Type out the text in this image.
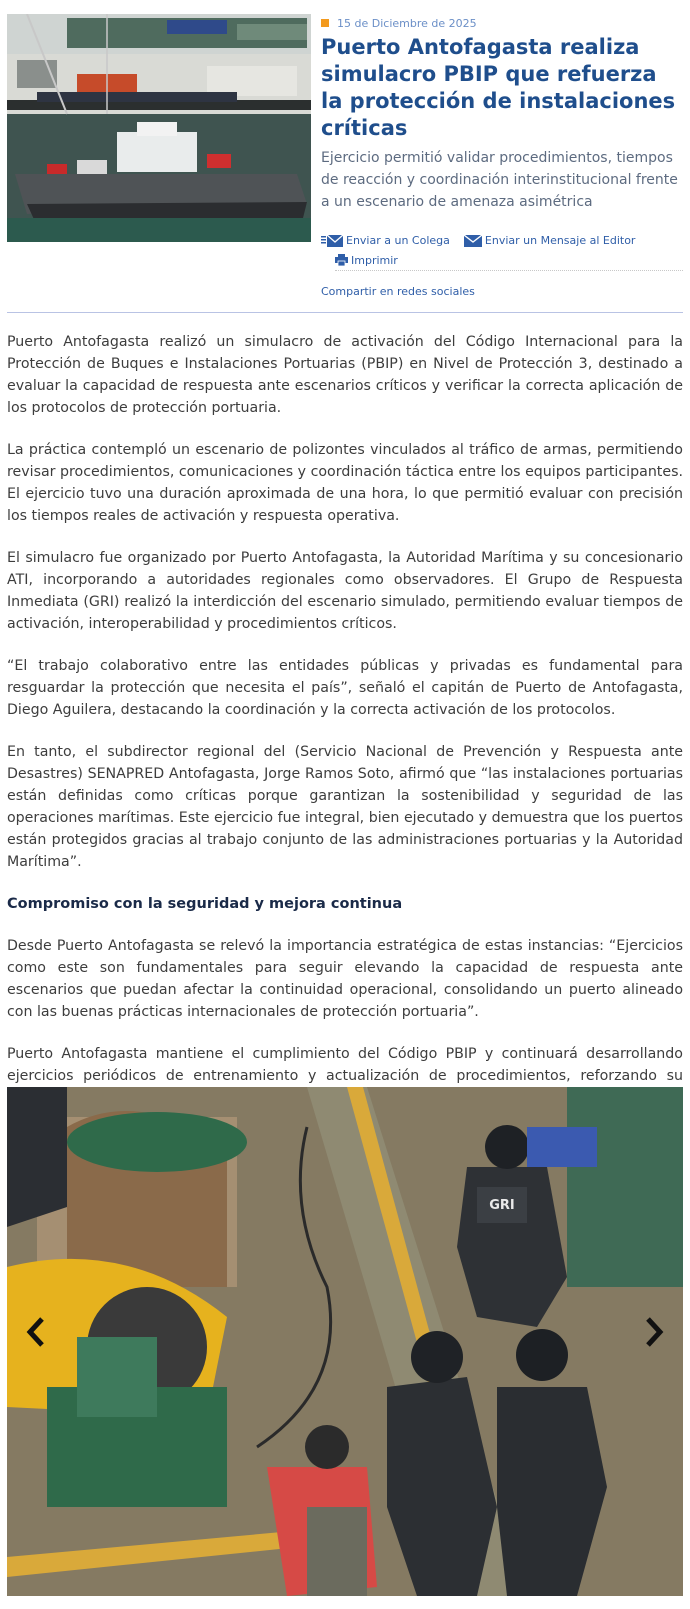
15 de Diciembre de 2025
Puerto Antofagasta realiza simulacro PBIP que refuerza la protección de instalaciones críticas
Ejercicio permitió validar procedimientos, tiempos de reacción y coordinación interinstitucional frente a un escenario de amenaza asimétrica
Enviar a un Colega	Enviar un Mensaje al Editor
Imprimir
Compartir en redes sociales

Puerto Antofagasta realizó un simulacro de activación del Código Internacional para la Protección de Buques e Instalaciones Portuarias (PBIP) en Nivel de Protección 3, destinado a evaluar la capacidad de respuesta ante escenarios críticos y verificar la correcta aplicación de los protocolos de protección portuaria.

La práctica contempló un escenario de polizontes vinculados al tráfico de armas, permitiendo revisar procedimientos, comunicaciones y coordinación táctica entre los equipos participantes. El ejercicio tuvo una duración aproximada de una hora, lo que permitió evaluar con precisión los tiempos reales de activación y respuesta operativa.

El simulacro fue organizado por Puerto Antofagasta, la Autoridad Marítima y su concesionario ATI, incorporando a autoridades regionales como observadores. El Grupo de Respuesta Inmediata (GRI) realizó la interdicción del escenario simulado, permitiendo evaluar tiempos de activación, interoperabilidad y procedimientos críticos.

“El trabajo colaborativo entre las entidades públicas y privadas es fundamental para resguardar la protección que necesita el país”, señaló el capitán de Puerto de Antofagasta, Diego Aguilera, destacando la coordinación y la correcta activación de los protocolos.

En tanto, el subdirector regional del (Servicio Nacional de Prevención y Respuesta ante Desastres) SENAPRED Antofagasta, Jorge Ramos Soto, afirmó que “las instalaciones portuarias están definidas como críticas porque garantizan la sostenibilidad y seguridad de las operaciones marítimas. Este ejercicio fue integral, bien ejecutado y demuestra que los puertos están protegidos gracias al trabajo conjunto de las administraciones portuarias y la Autoridad Marítima”.

Compromiso con la seguridad y mejora continua

Desde Puerto Antofagasta se relevó la importancia estratégica de estas instancias: “Ejercicios como este son fundamentales para seguir elevando la capacidad de respuesta ante escenarios que puedan afectar la continuidad operacional, consolidando un puerto alineado con las buenas prácticas internacionales de protección portuaria”.

Puerto Antofagasta mantiene el cumplimiento del Código PBIP y continuará desarrollando ejercicios periódicos de entrenamiento y actualización de procedimientos, reforzando su

GRI
